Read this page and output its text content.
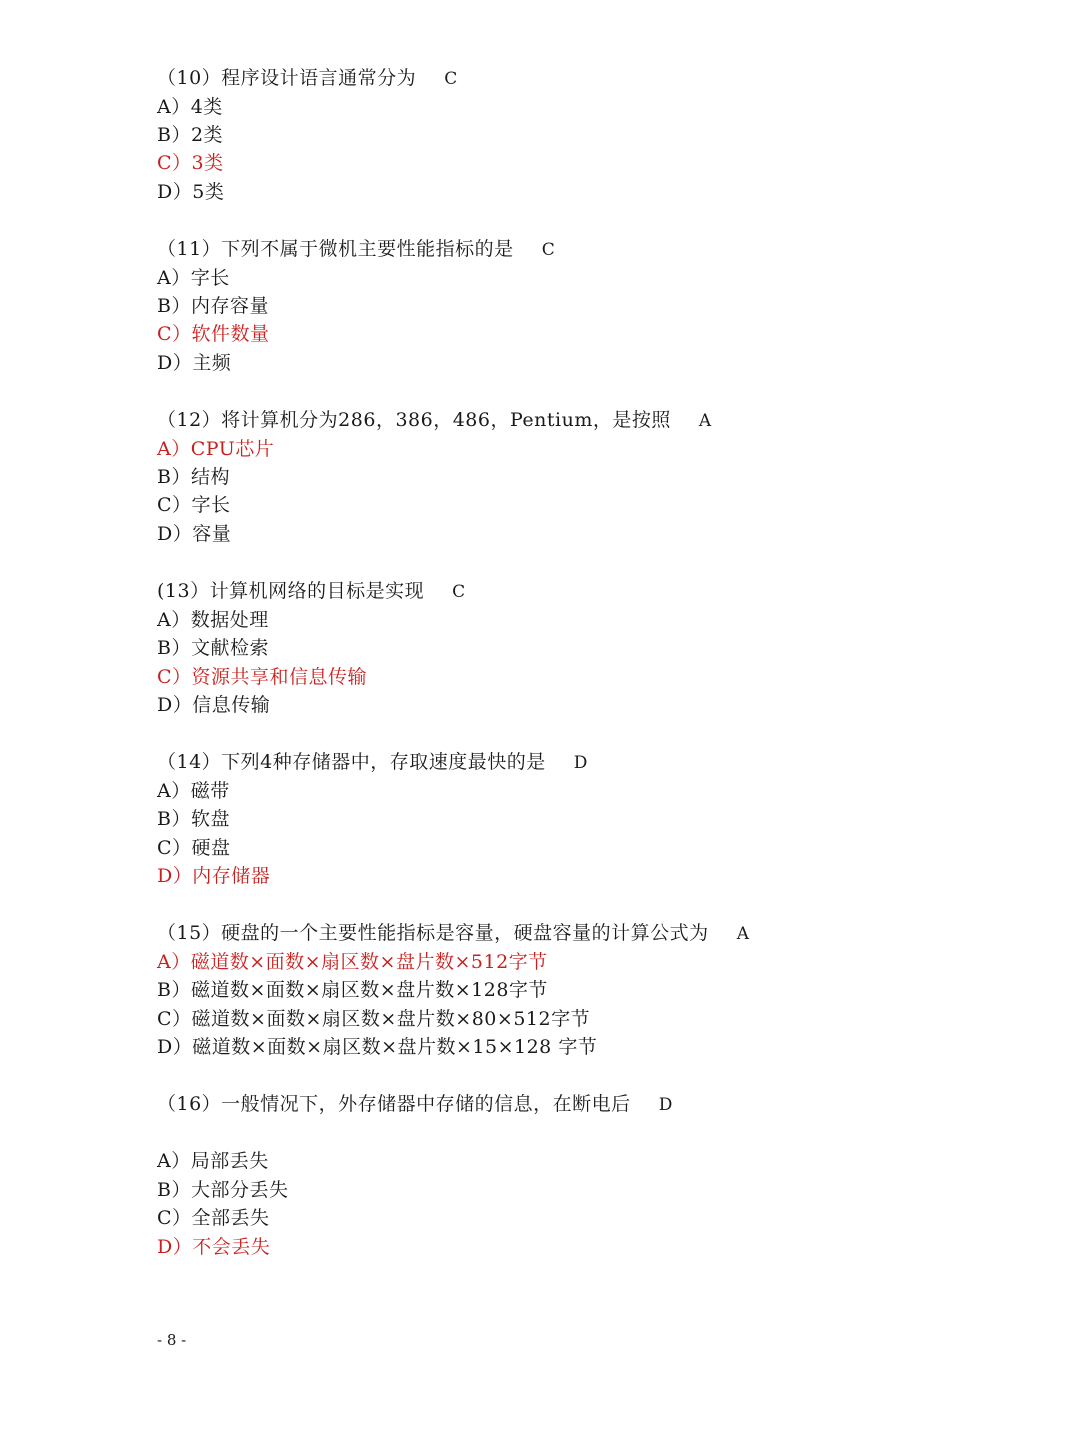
（10）程序设计语言通常分为 C
A）4类
B）2类
C）3类
D）5类
（11）下列不属于微机主要性能指标的是 C
A）字长
B）内存容量
C）软件数量
D）主频
（12）将计算机分为286，386，486，Pentium，是按照 A
A）CPU芯片
B）结构
C）字长
D）容量
(13）计算机网络的目标是实现 C
A）数据处理
B）文献检索
C）资源共享和信息传输
D）信息传输
（14）下列4种存储器中，存取速度最快的是 D
A）磁带
B）软盘
C）硬盘
D）内存储器
（15）硬盘的一个主要性能指标是容量，硬盘容量的计算公式为 A
A）磁道数×面数×扇区数×盘片数×512字节
B）磁道数×面数×扇区数×盘片数×128字节
C）磁道数×面数×扇区数×盘片数×80×512字节
D）磁道数×面数×扇区数×盘片数×15×128 字节
（16）一般情况下，外存储器中存储的信息，在断电后 D
A）局部丢失
B）大部分丢失
C）全部丢失
D）不会丢失
- 8 -
